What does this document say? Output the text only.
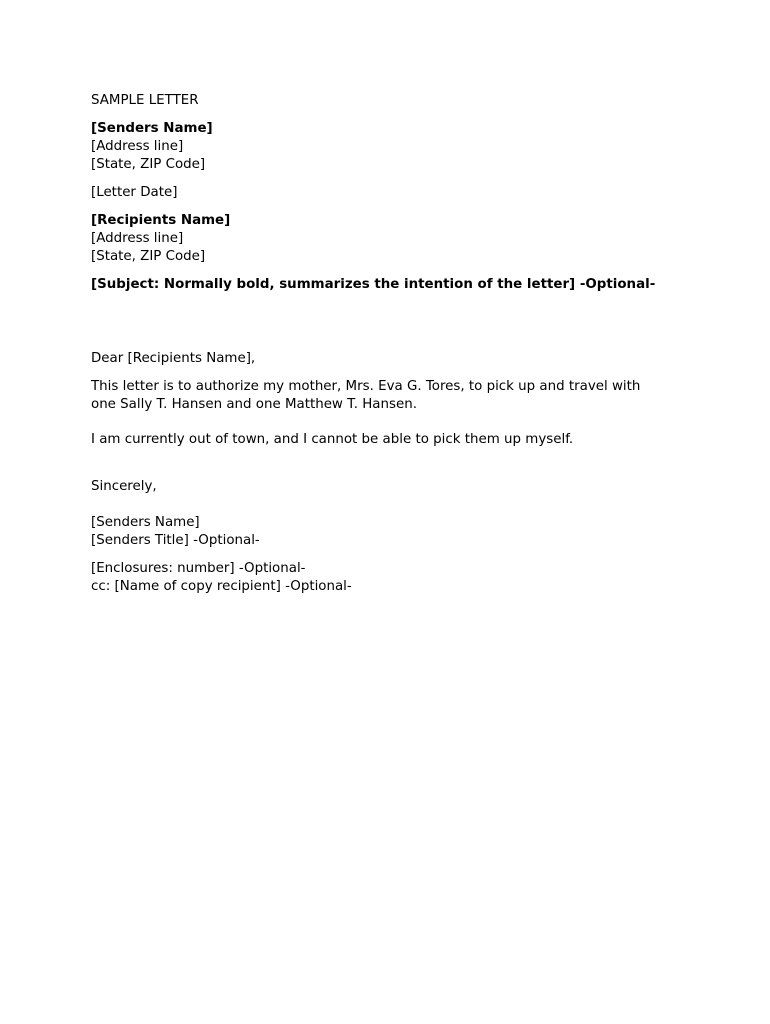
SAMPLE LETTER
[Senders Name]
[Address line]
[State, ZIP Code]
[Letter Date]
[Recipients Name]
[Address line]
[State, ZIP Code]
[Subject: Normally bold, summarizes the intention of the letter] -Optional-
Dear [Recipients Name],
This letter is to authorize my mother, Mrs. Eva G. Tores, to pick up and travel with
one Sally T. Hansen and one Matthew T. Hansen.
I am currently out of town, and I cannot be able to pick them up myself.
Sincerely,
[Senders Name]
[Senders Title] -Optional-
[Enclosures: number] -Optional-
cc: [Name of copy recipient] -Optional-
